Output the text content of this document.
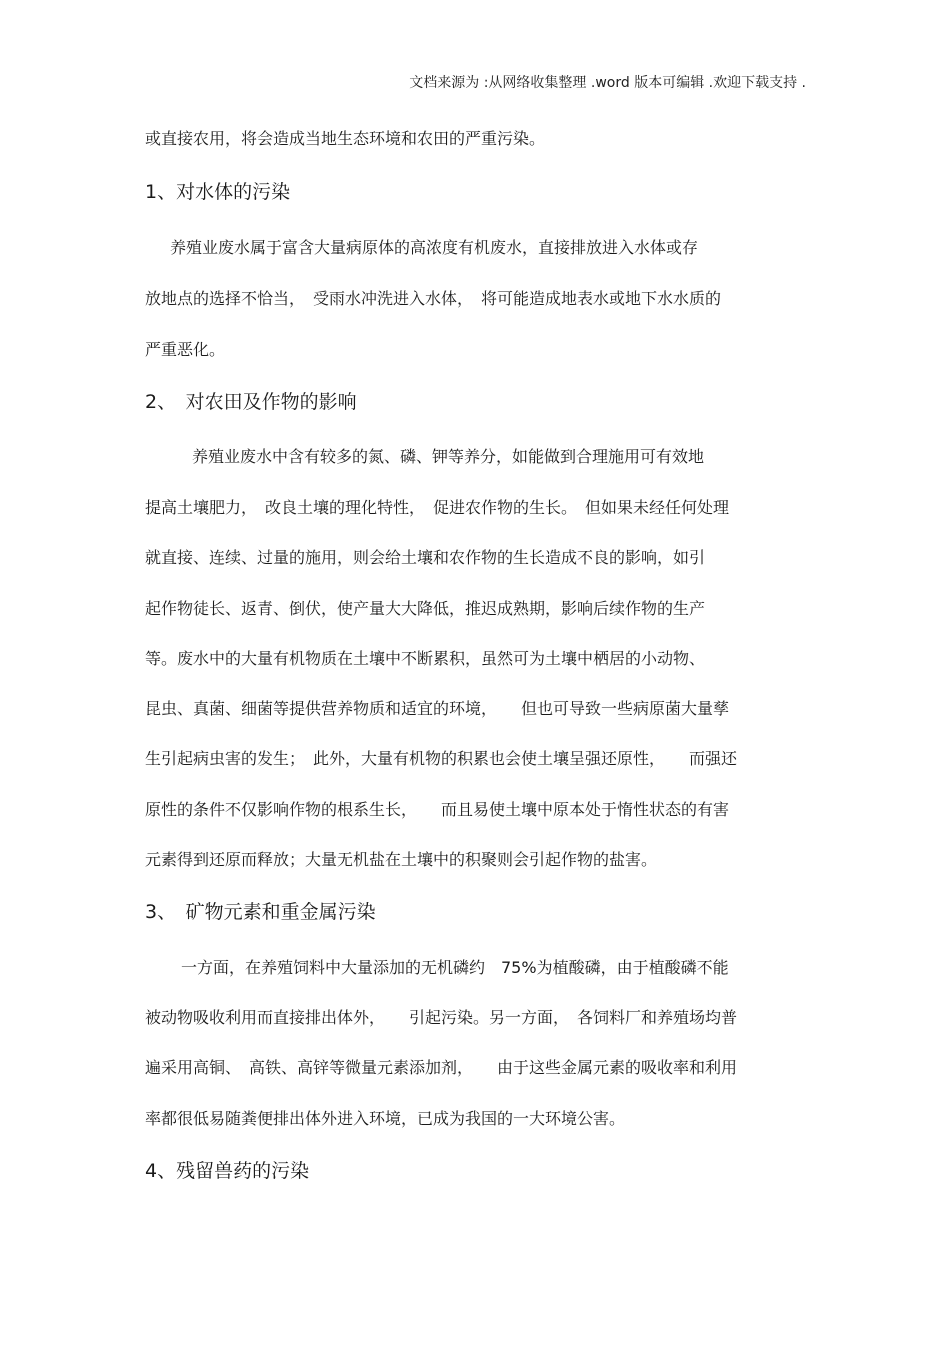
文档来源为 :从网络收集整理 .word 版本可编辑 .欢迎下载支持 .
或直接农用，将会造成当地生态环境和农田的严重污染。
1、对水体的污染
养殖业废水属于富含大量病原体的高浓度有机废水，直接排放进入水体或存
放地点的选择不恰当，　受雨水冲洗进入水体，　将可能造成地表水或地下水水质的
严重恶化。
2、　对农田及作物的影响
养殖业废水中含有较多的氮、磷、钾等养分，如能做到合理施用可有效地
提高土壤肥力，　改良土壤的理化特性，　促进农作物的生长。　但如果未经任何处理
就直接、连续、过量的施用，则会给土壤和农作物的生长造成不良的影响，如引
起作物徒长、返青、倒伏，使产量大大降低，推迟成熟期，影响后续作物的生产
等。废水中的大量有机物质在土壤中不断累积，虽然可为土壤中栖居的小动物、
昆虫、真菌、细菌等提供营养物质和适宜的环境，　　但也可导致一些病原菌大量孳
生引起病虫害的发生；　此外，大量有机物的积累也会使土壤呈强还原性，　　而强还
原性的条件不仅影响作物的根系生长，　　而且易使土壤中原本处于惰性状态的有害
元素得到还原而释放；大量无机盐在土壤中的积聚则会引起作物的盐害。
3、　矿物元素和重金属污染
一方面，在养殖饲料中大量添加的无机磷约　75%为植酸磷，由于植酸磷不能
被动物吸收利用而直接排出体外，　　引起污染。另一方面，　各饲料厂和养殖场均普
遍采用高铜、　高铁、高锌等微量元素添加剂，　　由于这些金属元素的吸收率和利用
率都很低易随粪便排出体外进入环境，已成为我国的一大环境公害。
4、残留兽药的污染
